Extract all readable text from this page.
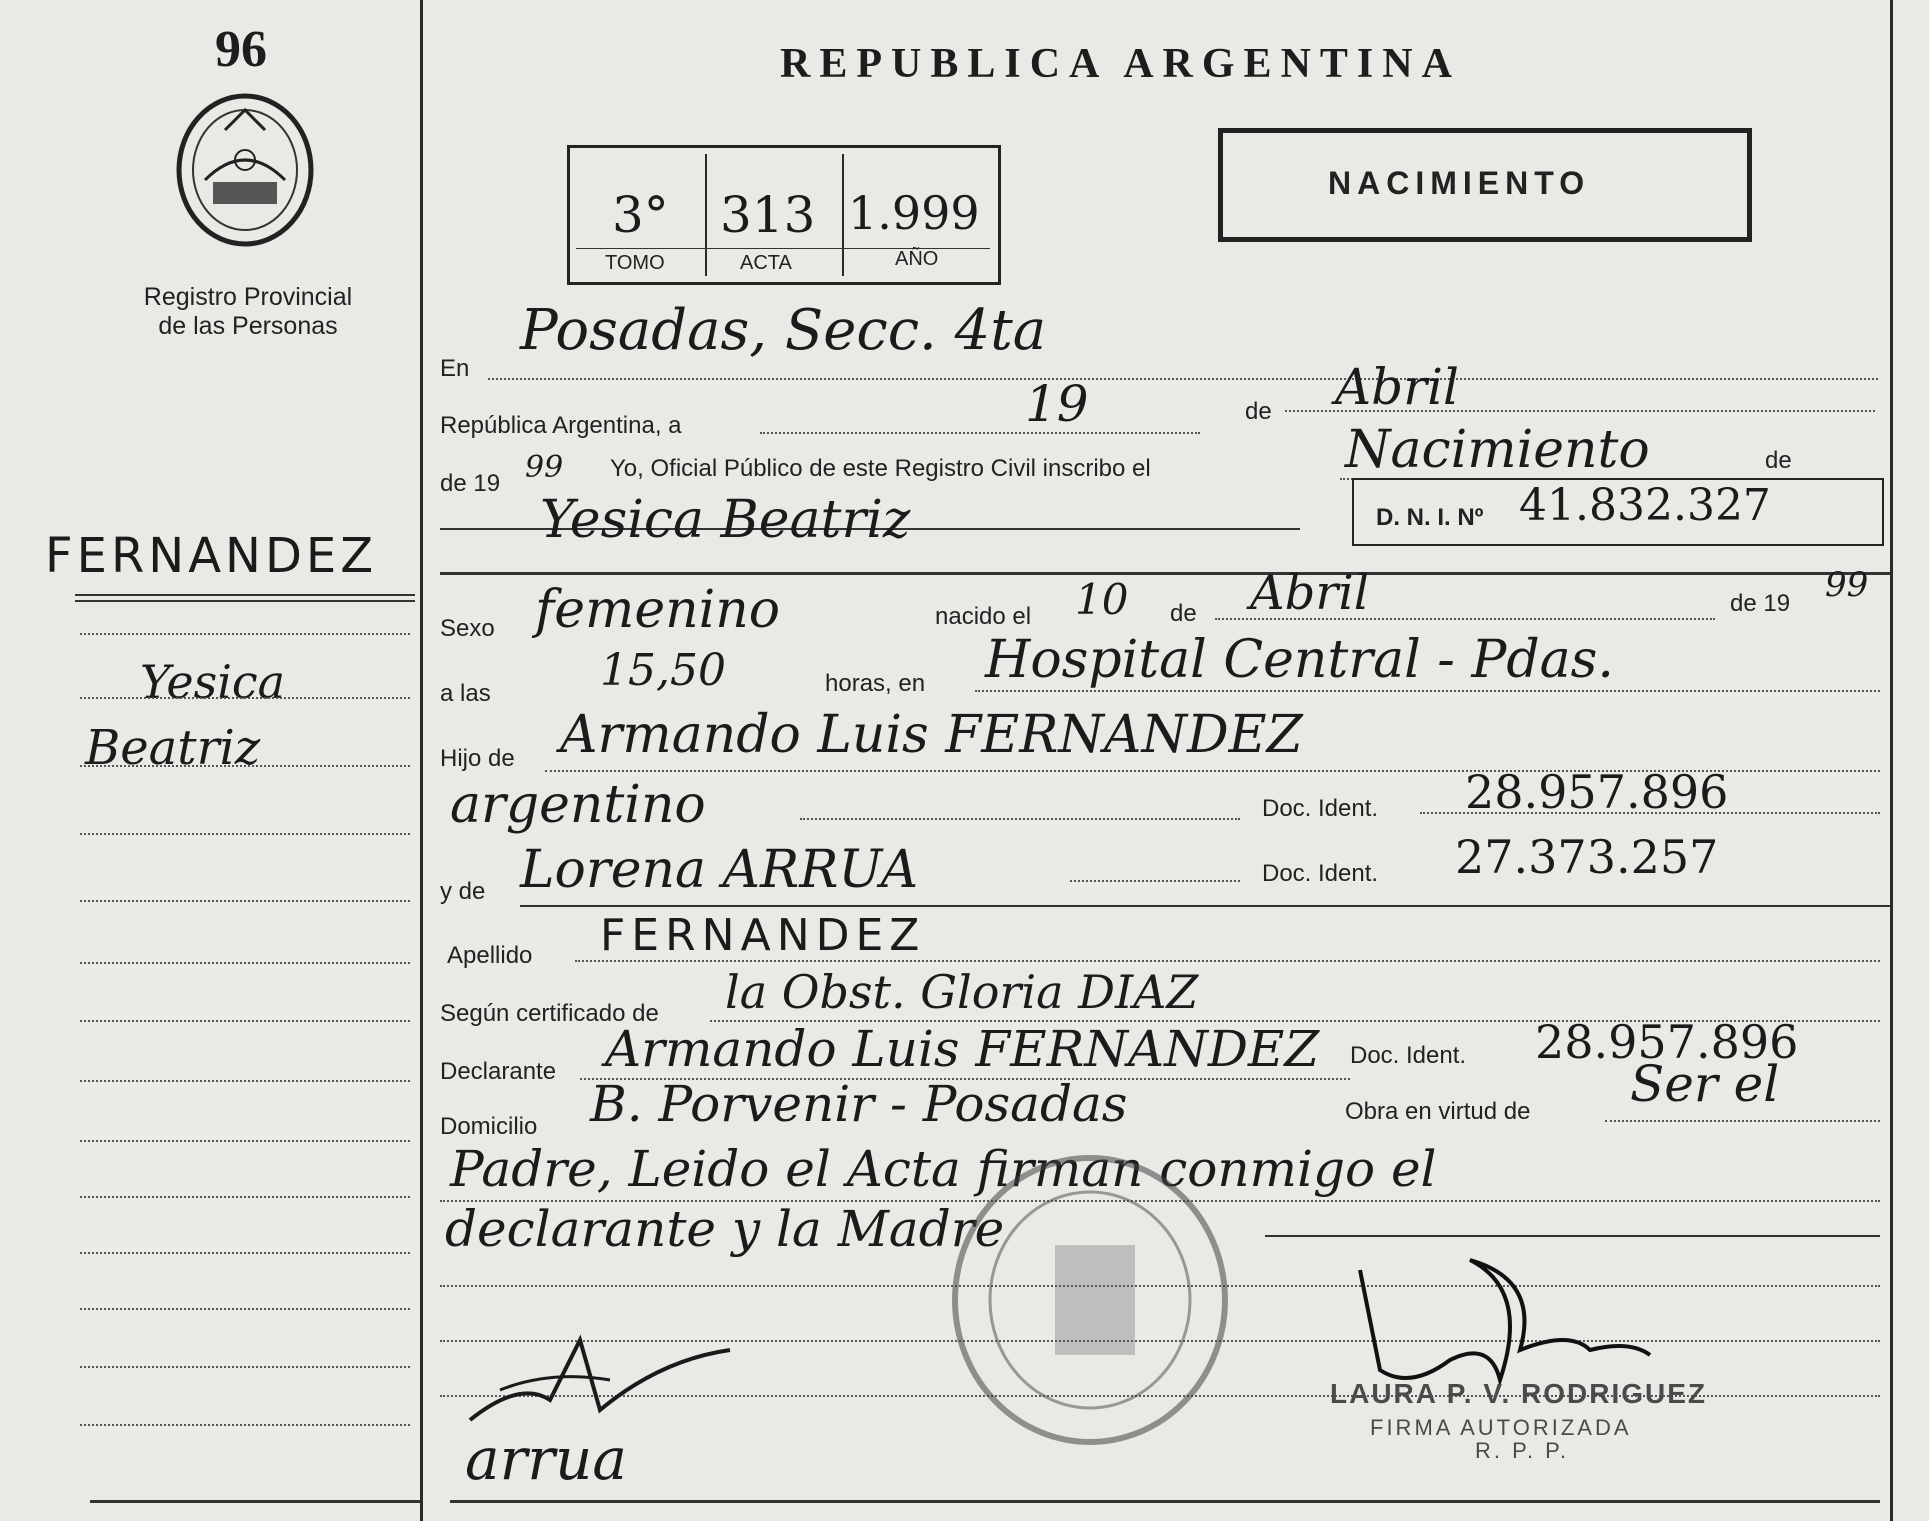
96
Registro Provincial
de las Personas
FERNANDEZ
Yesica
Beatriz
REPUBLICA ARGENTINA
3° 313 1.999
TOMO	ACTA	AÑO
NACIMIENTO
En
Posadas, Secc. 4ta
República Argentina, a	19	de Abril
de 19 99 Yo, Oficial Público de este Registro Civil inscribo el	Nacimiento	de
Yesica Beatriz	D. N. I. Nº 41.832.327
Sexo femenino	nacido el 10 de Abril	de 19 99
a las 15,50	horas, en Hospital Central - Pdas.
Hijo de Armando Luis FERNANDEZ
argentino	Doc. Ident. 28.957.896
y de Lorena ARRUA	Doc. Ident. 27.373.257
Apellido FERNANDEZ
Según certificado de la Obst. Gloria DIAZ
Declarante Armando Luis FERNANDEZ Doc. Ident. 28.957.896
Domicilio B. Porvenir - Posadas	Obra en virtud de Ser el
Padre, Leido el Acta firman conmigo el
declarante y la Madre
arrua
LAURA P. V. RODRIGUEZ
FIRMA AUTORIZADA
R. P. P.
